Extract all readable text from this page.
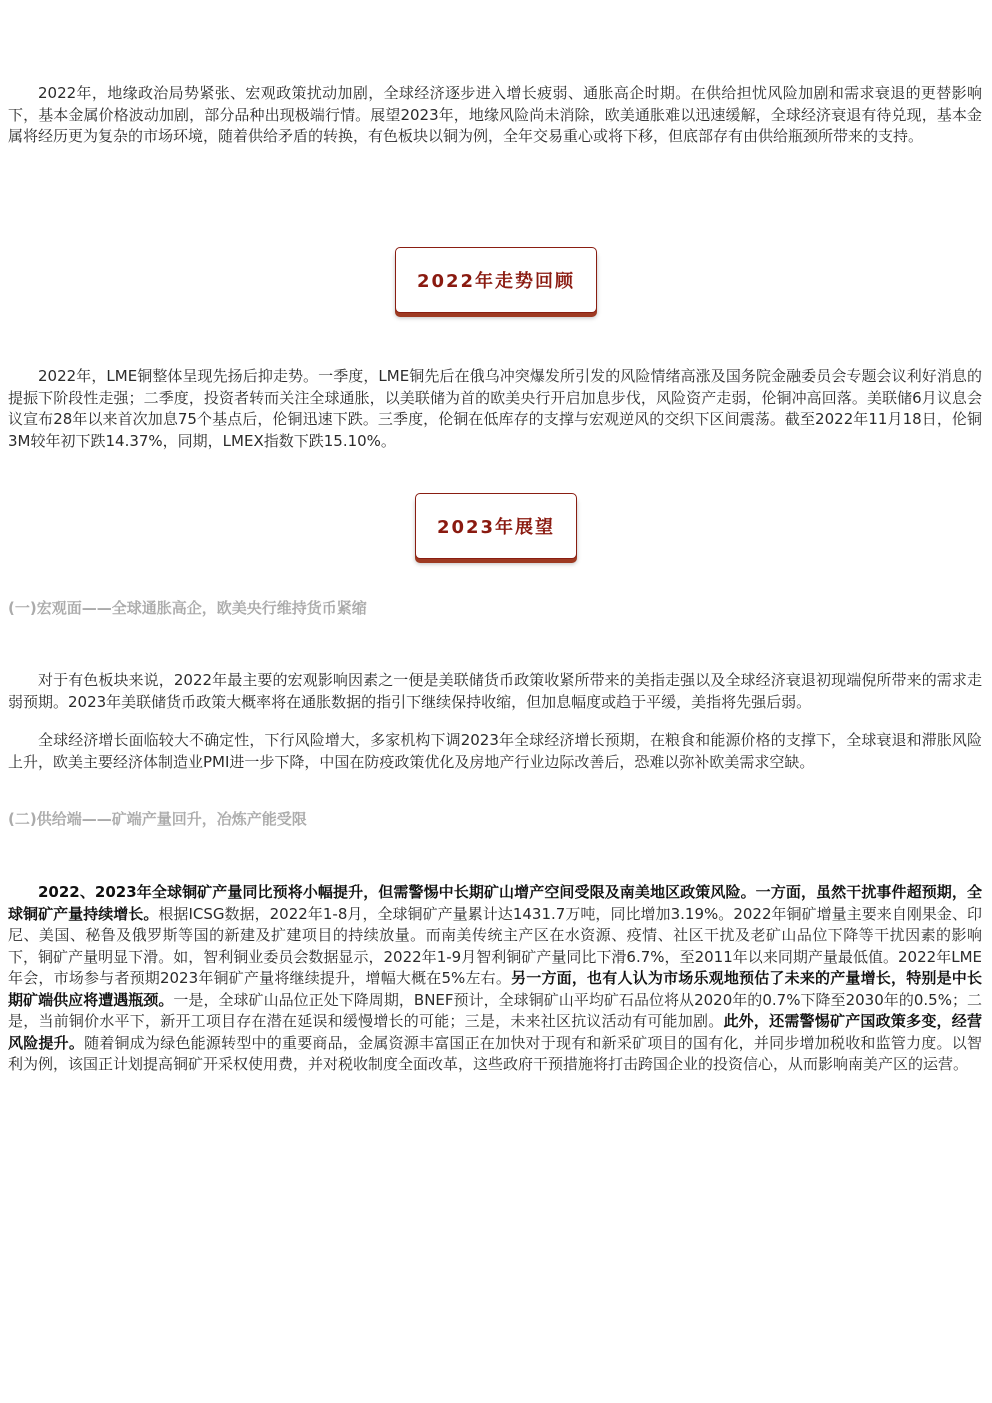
2022年，地缘政治局势紧张、宏观政策扰动加剧，全球经济逐步进入增长疲弱、通胀高企时期。在供给担忧风险加剧和需求衰退的更替影响下，基本金属价格波动加剧，部分品种出现极端行情。展望2023年，地缘风险尚未消除，欧美通胀难以迅速缓解，全球经济衰退有待兑现，基本金属将经历更为复杂的市场环境，随着供给矛盾的转换，有色板块以铜为例，全年交易重心或将下移，但底部存有由供给瓶颈所带来的支持。

2022年走势回顾

2022年，LME铜整体呈现先扬后抑走势。一季度，LME铜先后在俄乌冲突爆发所引发的风险情绪高涨及国务院金融委员会专题会议利好消息的提振下阶段性走强；二季度，投资者转而关注全球通胀，以美联储为首的欧美央行开启加息步伐，风险资产走弱，伦铜冲高回落。美联储6月议息会议宣布28年以来首次加息75个基点后，伦铜迅速下跌。三季度，伦铜在低库存的支撑与宏观逆风的交织下区间震荡。截至2022年11月18日，伦铜3M较年初下跌14.37%，同期，LMEX指数下跌15.10%。

2023年展望

(一)宏观面——全球通胀高企，欧美央行维持货币紧缩

对于有色板块来说，2022年最主要的宏观影响因素之一便是美联储货币政策收紧所带来的美指走强以及全球经济衰退初现端倪所带来的需求走弱预期。2023年美联储货币政策大概率将在通胀数据的指引下继续保持收缩，但加息幅度或趋于平缓，美指将先强后弱。

全球经济增长面临较大不确定性，下行风险增大，多家机构下调2023年全球经济增长预期，在粮食和能源价格的支撑下，全球衰退和滞胀风险上升，欧美主要经济体制造业PMI进一步下降，中国在防疫政策优化及房地产行业边际改善后，恐难以弥补欧美需求空缺。

(二)供给端——矿端产量回升，冶炼产能受限

2022、2023年全球铜矿产量同比预将小幅提升，但需警惕中长期矿山增产空间受限及南美地区政策风险。一方面，虽然干扰事件超预期，全球铜矿产量持续增长。根据ICSG数据，2022年1-8月，全球铜矿产量累计达1431.7万吨，同比增加3.19%。2022年铜矿增量主要来自刚果金、印尼、美国、秘鲁及俄罗斯等国的新建及扩建项目的持续放量。而南美传统主产区在水资源、疫情、社区干扰及老矿山品位下降等干扰因素的影响下，铜矿产量明显下滑。如，智利铜业委员会数据显示，2022年1-9月智利铜矿产量同比下滑6.7%，至2011年以来同期产量最低值。2022年LME年会，市场参与者预期2023年铜矿产量将继续提升，增幅大概在5%左右。另一方面，也有人认为市场乐观地预估了未来的产量增长，特别是中长期矿端供应将遭遇瓶颈。一是，全球矿山品位正处下降周期，BNEF预计，全球铜矿山平均矿石品位将从2020年的0.7%下降至2030年的0.5%；二是，当前铜价水平下，新开工项目存在潜在延误和缓慢增长的可能；三是，未来社区抗议活动有可能加剧。此外，还需警惕矿产国政策多变，经营风险提升。随着铜成为绿色能源转型中的重要商品，金属资源丰富国正在加快对于现有和新采矿项目的国有化，并同步增加税收和监管力度。以智利为例，该国正计划提高铜矿开采权使用费，并对税收制度全面改革，这些政府干预措施将打击跨国企业的投资信心，从而影响南美产区的运营。
